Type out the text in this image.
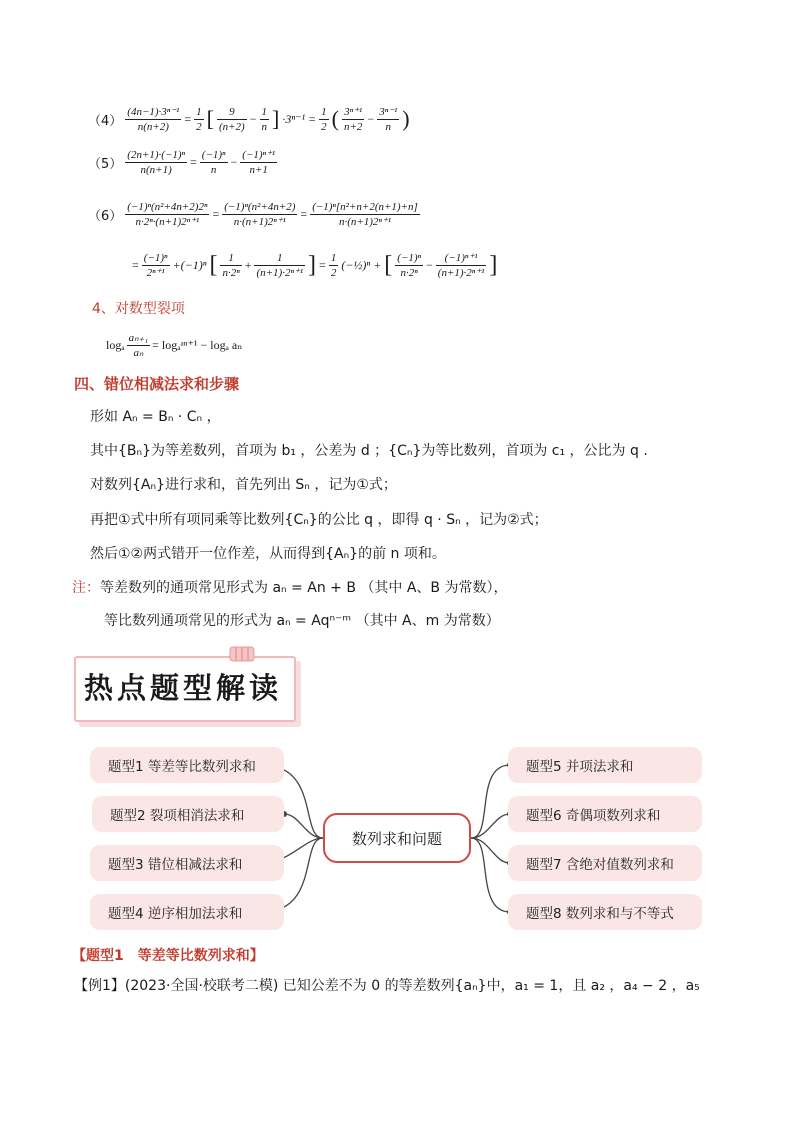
$(4) \frac{\text{(4n−1)·3ⁿ⁻¹}}{n(n+2)} = \frac{1}{2}$ [ $\frac{9}{(n+2)} - \frac{1}{n}$ ] $\cdot 3^{n-1} = \frac{1}{2}$ ( $\frac{\text{3ⁿ⁺¹}}{n+2} - \frac{\text{3ⁿ⁻¹}}{n}$ )
$(5) \frac{\text{(2n+1)·(−1)ⁿ}}{n(n+1)} = \frac{\text{(−1)ⁿ}}{n} - \frac{\text{(−1)ⁿ⁺¹}}{n+1}$
$(6) \frac{\text{(−1)ⁿ(n²+4n+2)2ⁿ}}{\text{n·2ⁿ·(n+1)2ⁿ⁺¹}} = \frac{\text{(−1)ⁿ(n²+4n+2)}}{\text{n·(n+1)2ⁿ⁺¹}} = \frac{\text{(−1)ⁿ[n²+n+2(n+1)+n]}}{\text{n·(n+1)2ⁿ⁺¹}}$
= $\frac{\text{(−1)ⁿ}}{\text{2ⁿ⁺¹}} +(-1)^n$ [ $\frac{1}{\text{n·2ⁿ}} + \frac{1}{\text{(n+1)·2ⁿ⁺¹}}$ ] = $\frac{1}{2}$ (−½)ⁿ + [ $\frac{\text{(−1)ⁿ}}{\text{n·2ⁿ}} - \frac{\text{(−1)ⁿ⁺¹}}{\text{(n+1)·2ⁿ⁺¹}}$ ]
4、对数型裂项
logₐ $\frac{\text{aₙ₊₁}}{\text{aₙ}}$ = logₐᵃⁿ⁺¹ − logₐ aₙ
四、错位相减法求和步骤
形如 Aₙ = Bₙ · Cₙ ，
其中{Bₙ}为等差数列，首项为 b₁ ，公差为 d ；{Cₙ}为等比数列，首项为 c₁ ，公比为 q .
对数列{Aₙ}进行求和，首先列出 Sₙ ，记为①式；
再把①式中所有项同乘等比数列{Cₙ}的公比 q ，即得 q · Sₙ ，记为②式；
然后①②两式错开一位作差，从而得到{Aₙ}的前 n 项和。
注：等差数列的通项常见形式为 aₙ = An + B （其中 A、B 为常数），
等比数列通项常见的形式为 aₙ = Aqⁿ⁻ᵐ （其中 A、m 为常数）
热点题型解读
题型1 等差等比数列求和
题型2 裂项相消法求和
题型3 错位相减法求和
题型4 逆序相加法求和
题型5 并项法求和
题型6 奇偶项数列求和
题型7 含绝对值数列求和
题型8 数列求和与不等式
数列求和问题
【题型1　等差等比数列求和】
【例1】(2023·全国·校联考二模) 已知公差不为 0 的等差数列{aₙ}中，a₁ = 1，且 a₂ ，a₄ − 2 ，a₅
